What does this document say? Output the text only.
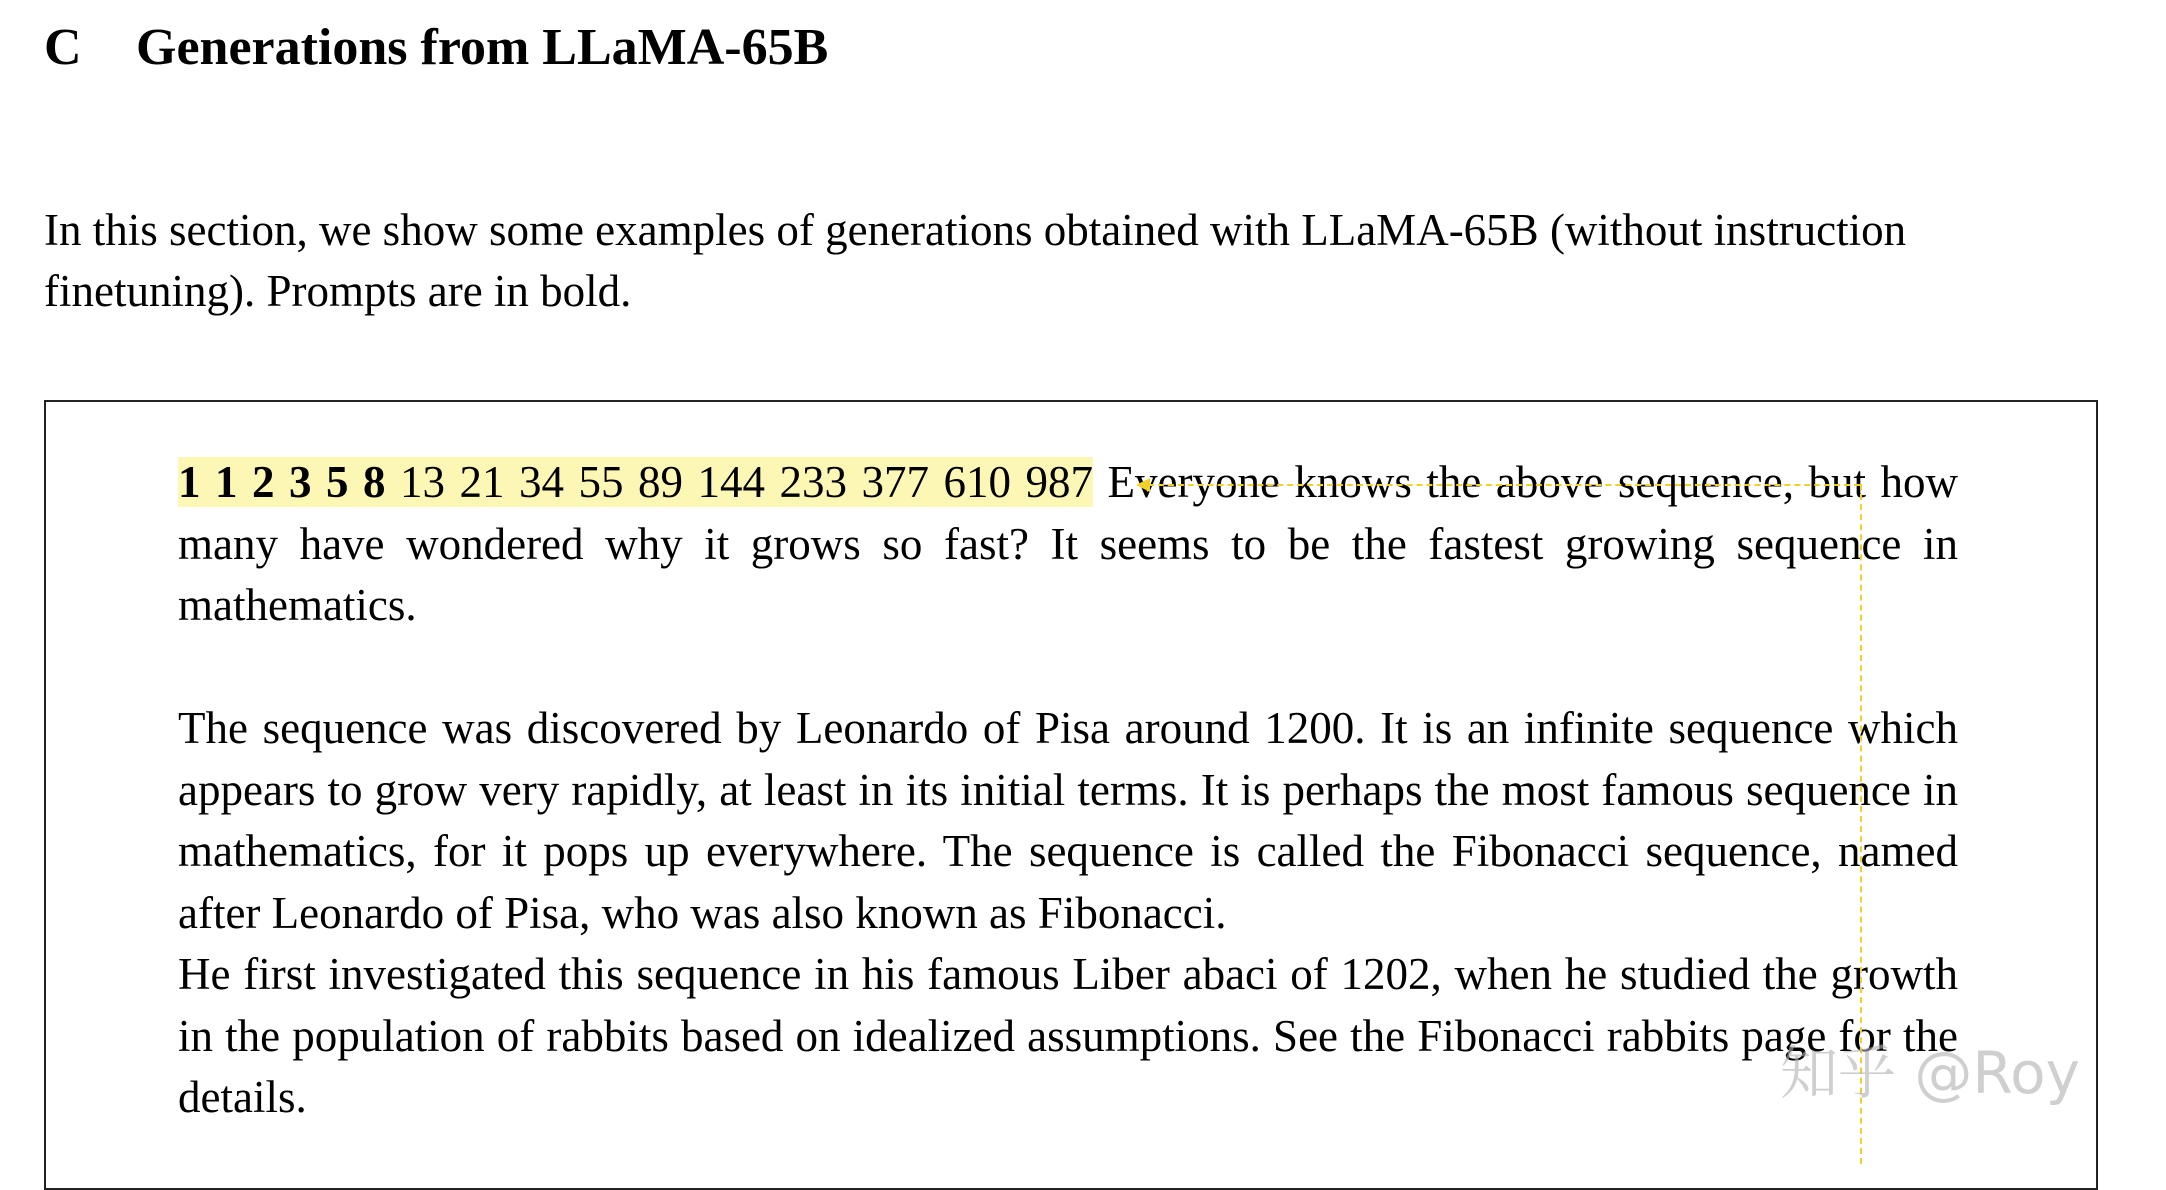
C Generations from LLaMA-65B

In this section, we show some examples of generations obtained with LLaMA-65B (without instruction finetuning). Prompts are in bold.

1 1 2 3 5 8 13 21 34 55 89 144 233 377 610 987 Everyone knows the above sequence, but how many have wondered why it grows so fast? It seems to be the fastest growing sequence in mathematics.

The sequence was discovered by Leonardo of Pisa around 1200. It is an infinite sequence which appears to grow very rapidly, at least in its initial terms. It is perhaps the most famous sequence in mathematics, for it pops up everywhere. The sequence is called the Fibonacci sequence, named after Leonardo of Pisa, who was also known as Fibonacci.
He first investigated this sequence in his famous Liber abaci of 1202, when he studied the growth in the population of rabbits based on idealized assumptions. See the Fibonacci rabbits page for the details.	知乎 @Roy
